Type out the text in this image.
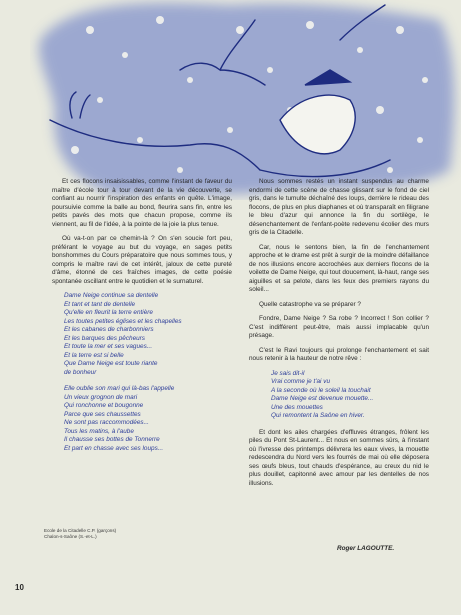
Et ces flocons insaisissables, comme l'instant de faveur du maître d'école tour à tour devant de la vie découverte, se confiant au nourrir l'inspiration des enfants en quête. L'image, poursuivie comme la balle au bond, fleurira sans fin, entre les petits pavés des mots que chacun propose, comme ils viennent, au fil de l'idée, à la pointe de la joie la plus tenue.

Où va-t-on par ce chemin-là ? On s'en soucie fort peu, préférant le voyage au but du voyage, en sages petits bonshommes du Cours préparatoire que nous sommes tous, y compris le maître ravi de cet intérêt, jaloux de cette pureté d'âme, étonné de ces fraîches images, de cette poésie spontanée oscillant entre le quotidien et le surnaturel.

Dame Neige continue sa dentelle
Et tant et tant de dentelle
Qu'elle en fleurit la terre entière
Les toutes petites églises et les chapelles
Et les cabanes de charbonniers
Et les barques des pêcheurs
Et toute la mer et ses vagues...
Et la terre est si belle
Que Dame Neige est toute riante
de bonheur
Elle oublie son mari qui là-bas l'appelle
Un vieux grognon de mari
Qui ronchonne et bougonne
Parce que ses chaussettes
Ne sont pas raccommodées...
Tous les matins, à l'aube
Il chausse ses bottes de Tonnerre
Et part en chasse avec ses loups...

Nous sommes restés un instant suspendus au charme endormi de cette scène de chasse glissant sur le fond de ciel gris, dans le tumulte déchaîné des loups, derrière le rideau des flocons, de plus en plus diaphanes et où transparaît en filigrane le bleu d'azur qui annonce la fin du sortilège, le désenchantement de l'enfant-poète redevenu écolier des murs gris de la Citadelle.

Car, nous le sentons bien, la fin de l'enchantement approche et le drame est prêt à surgir de la moindre défaillance de nos illusions encore accrochées aux derniers flocons de la voilette de Dame Neige, qui tout doucement, là-haut, range ses aiguilles et sa pelote, dans les feux des premiers rayons du soleil...

Quelle catastrophe va se préparer ?

Fondre, Dame Neige ? Sa robe ? Incorrect ! Son collier ? C'est indifférent peut-être, mais aussi implacable qu'un présage.

C'est le Ravi toujours qui prolonge l'enchantement et sait nous retenir à la hauteur de notre rêve :

Je sais dit-il
Vrai comme je t'ai vu
A la seconde où le soleil la touchait
Dame Neige est devenue mouette...
Une des mouettes
Qui remontent la Saône en hiver.

Et dont les ailes chargées d'effluves étranges, frôlent les piles du Pont St-Laurent... Et nous en sommes sûrs, à l'instant où l'ivresse des printemps délivrera les eaux vives, la mouette redescendra du Nord vers les fourrés de mai où elle déposera ses œufs bleus, tout chauds d'espérance, au creux du nid le plus douillet, capitonné avec amour par les dentelles de nos illusions.

Ecole de la Citadelle C.P. (garçons)
Chalon-s-Saône (S.-et-L.)
Roger LAGOUTTE.
10
